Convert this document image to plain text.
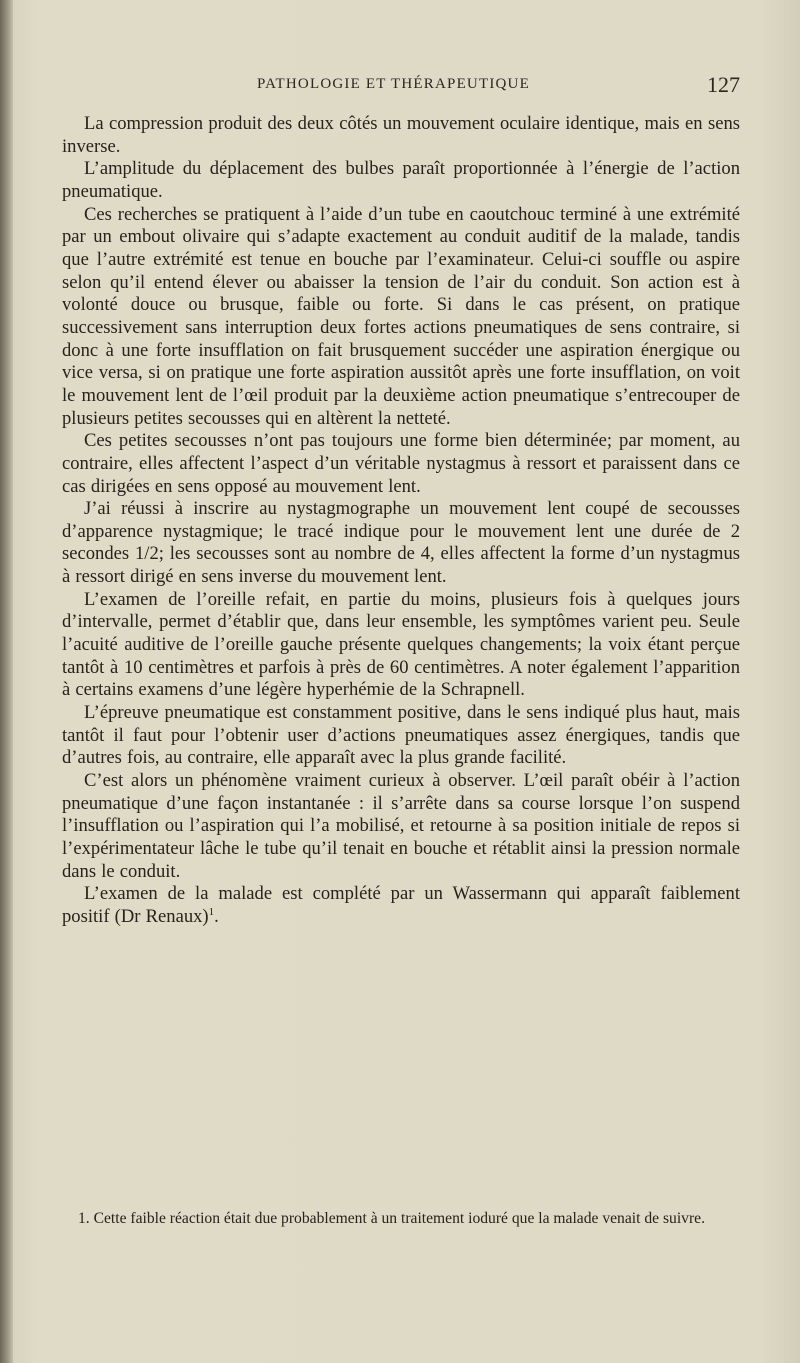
PATHOLOGIE ET THÉRAPEUTIQUE	127

La compression produit des deux côtés un mouvement oculaire identique, mais en sens inverse.

L’amplitude du déplacement des bulbes paraît proportionnée à l’énergie de l’action pneumatique.

Ces recherches se pratiquent à l’aide d’un tube en caoutchouc terminé à une extrémité par un embout olivaire qui s’adapte exactement au conduit auditif de la malade, tandis que l’autre extrémité est tenue en bouche par l’examinateur. Celui-ci souffle ou aspire selon qu’il entend élever ou abaisser la tension de l’air du conduit. Son action est à volonté douce ou brusque, faible ou forte. Si dans le cas présent, on pratique successivement sans interruption deux fortes actions pneumatiques de sens contraire, si donc à une forte insufflation on fait brusquement succéder une aspiration énergique ou vice versa, si on pratique une forte aspiration aussitôt après une forte insufflation, on voit le mouvement lent de l’œil produit par la deuxième action pneumatique s’entrecouper de plusieurs petites secousses qui en altèrent la netteté.

Ces petites secousses n’ont pas toujours une forme bien déterminée; par moment, au contraire, elles affectent l’aspect d’un véritable nystagmus à ressort et paraissent dans ce cas dirigées en sens opposé au mouvement lent.

J’ai réussi à inscrire au nystagmographe un mouvement lent coupé de secousses d’apparence nystagmique; le tracé indique pour le mouvement lent une durée de 2 secondes 1/2; les secousses sont au nombre de 4, elles affectent la forme d’un nystagmus à ressort dirigé en sens inverse du mouvement lent.

L’examen de l’oreille refait, en partie du moins, plusieurs fois à quelques jours d’intervalle, permet d’établir que, dans leur ensemble, les symptômes varient peu. Seule l’acuité auditive de l’oreille gauche présente quelques changements; la voix étant perçue tantôt à 10 centimètres et parfois à près de 60 centimètres. A noter également l’apparition à certains examens d’une légère hyperhémie de la Schrapnell.

L’épreuve pneumatique est constamment positive, dans le sens indiqué plus haut, mais tantôt il faut pour l’obtenir user d’actions pneumatiques assez énergiques, tandis que d’autres fois, au contraire, elle apparaît avec la plus grande facilité.

C’est alors un phénomène vraiment curieux à observer. L’œil paraît obéir à l’action pneumatique d’une façon instantanée : il s’arrête dans sa course lorsque l’on suspend l’insufflation ou l’aspiration qui l’a mobilisé, et retourne à sa position initiale de repos si l’expérimentateur lâche le tube qu’il tenait en bouche et rétablit ainsi la pression normale dans le conduit.

L’examen de la malade est complété par un Wassermann qui apparaît faiblement positif (Dr Renaux)$^1$.

1. Cette faible réaction était due probablement à un traitement ioduré que la malade venait de suivre.
